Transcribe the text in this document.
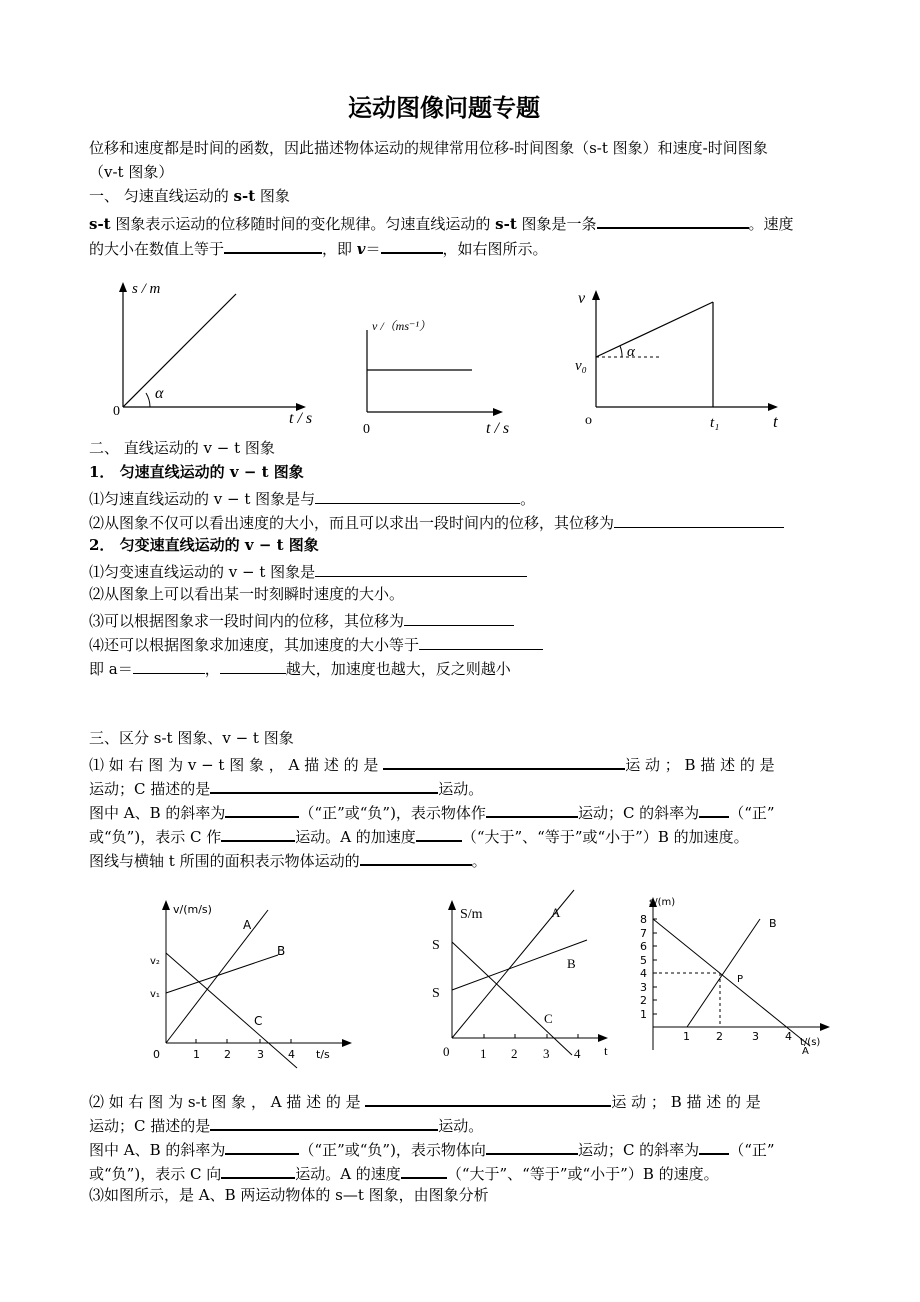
运动图像问题专题
位移和速度都是时间的函数，因此描述物体运动的规律常用位移-时间图象（s-t 图象）和速度-时间图象
（v-t 图象）
一、 匀速直线运动的 s-t 图象
s-t 图象表示运动的位移随时间的变化规律。匀速直线运动的 s-t 图象是一条	。速度
的大小在数值上等于	，即 v＝	，如右图所示。
s / m
t / s
0
α
v /（ms⁻¹）
t / s
0
v
v₀
α
o	t₁	t
二、 直线运动的 v − t 图象
1． 匀速直线运动的 v − t 图象
⑴匀速直线运动的 v − t 图象是与	。
⑵从图象不仅可以看出速度的大小，而且可以求出一段时间内的位移，其位移为
2． 匀变速直线运动的 v − t 图象
⑴匀变速直线运动的 v − t 图象是
⑵从图象上可以看出某一时刻瞬时速度的大小。
⑶可以根据图象求一段时间内的位移，其位移为
⑷还可以根据图象求加速度，其加速度的大小等于
即 a＝	，	越大，加速度也越大，反之则越小
三、区分 s-t 图象、v − t 图象
⑴ 如 右 图 为 v − t 图 象 ， A 描 述 的 是	运 动 ； B 描 述 的 是
运动；C 描述的是	运动。
图中 A、B 的斜率为	（“正”或“负”)，表示物体作	运动；C 的斜率为 （“正”
或“负”)，表示 C 作	运动。A 的加速度	（“大于”、“等于”或“小于”）B 的加速度。
图线与横轴 t 所围的面积表示物体运动的	。
v/(m/s)
v₂
v₁
A
B
C
0	1 2 3 4 t/s
S/m
S
S
A
B
C
0 1 2 3 4 t
s/(m)
8
7
6
5
4
3
2
1
1 2	3 4 t/(s)
A
B
P
⑵ 如 右 图 为 s-t 图 象 ， A 描 述 的 是	运 动 ； B 描 述 的 是
运动；C 描述的是	运动。
图中 A、B 的斜率为	（“正”或“负”)，表示物体向	运动；C 的斜率为 （“正”
或“负”)，表示 C 向	运动。A 的速度	（“大于”、“等于”或“小于”）B 的速度。
⑶如图所示，是 A、B 两运动物体的 s—t 图象，由图象分析
